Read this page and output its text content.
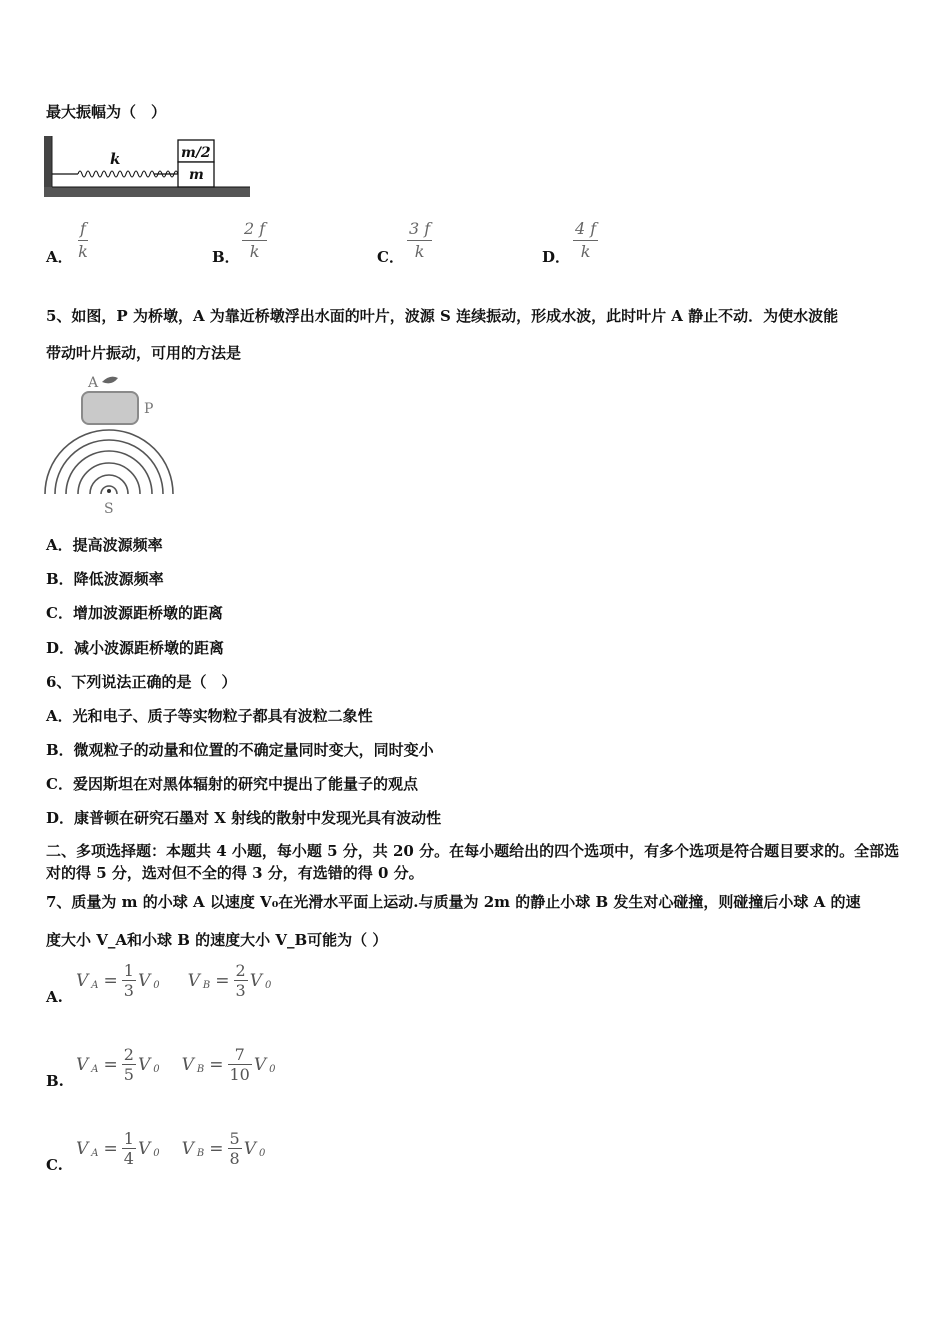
最大振幅为（　）
k	m/2
m
A．
f
k	B．
2 f
k	C．
3 f
k	D．
4 f
k
5、如图，P 为桥墩，A 为靠近桥墩浮出水面的叶片，波源 S 连续振动，形成水波，此时叶片 A 静止不动．为使水波能
带动叶片振动，可用的方法是
A
P
S
A．提高波源频率
B．降低波源频率
C．增加波源距桥墩的距离
D．减小波源距桥墩的距离
6、下列说法正确的是（　）
A．光和电子、质子等实物粒子都具有波粒二象性
B．微观粒子的动量和位置的不确定量同时变大，同时变小
C．爱因斯坦在对黑体辐射的研究中提出了能量子的观点
D．康普顿在研究石墨对 X 射线的散射中发现光具有波动性
二、多项选择题：本题共 4 小题，每小题 5 分，共 20 分。在每小题给出的四个选项中，有多个选项是符合题目要求的。全部选对的得 5 分，选对但不全的得 3 分，有选错的得 0 分。
7、质量为 m 的小球 A 以速度 V₀在光滑水平面上运动.与质量为 2m 的静止小球 B 发生对心碰撞，则碰撞后小球 A 的速
度大小 V_A和小球 B 的速度大小 V_B可能为（ ）
A.
V A = 1
3 V 0 V B = 2
3 V 0
B.
V A = 2
5 V 0 V B = 7
10 V 0
C.
V A = 1
4 V 0 V B = 5
8 V 0
